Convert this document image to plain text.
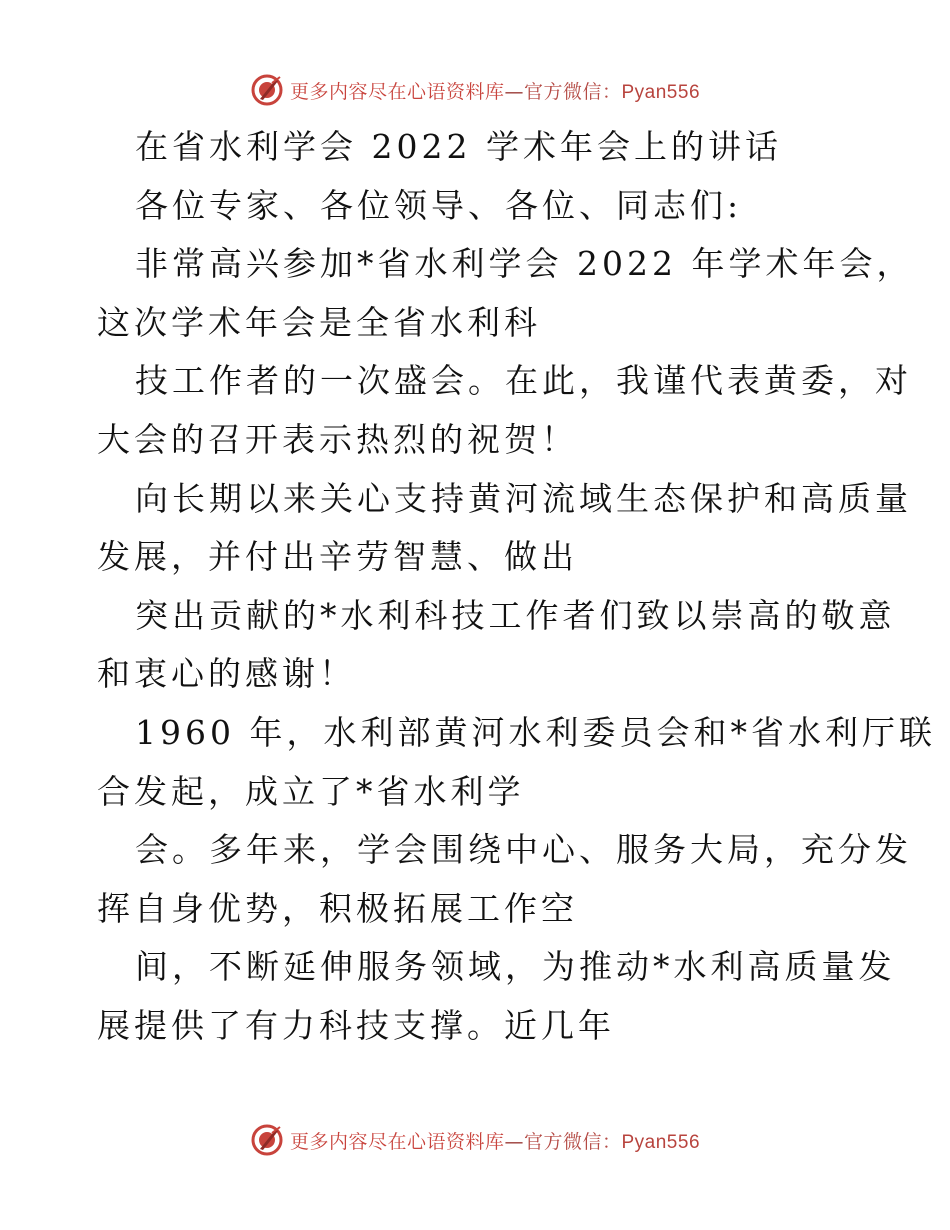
更多内容尽在心语资料库—官方微信：Pyan556
在省水利学会 2022 学术年会上的讲话
各位专家、各位领导、各位、同志们:
非常高兴参加*省水利学会 2022 年学术年会，
这次学术年会是全省水利科
技工作者的一次盛会。在此，我谨代表黄委，对
大会的召开表示热烈的祝贺！
向长期以来关心支持黄河流域生态保护和高质量
发展，并付出辛劳智慧、做出
突出贡献的*水利科技工作者们致以崇高的敬意
和衷心的感谢！
1960 年，水利部黄河水利委员会和*省水利厅联
合发起，成立了*省水利学
会。多年来，学会围绕中心、服务大局，充分发
挥自身优势，积极拓展工作空
间，不断延伸服务领域，为推动*水利高质量发
展提供了有力科技支撑。近几年
更多内容尽在心语资料库—官方微信：Pyan556
